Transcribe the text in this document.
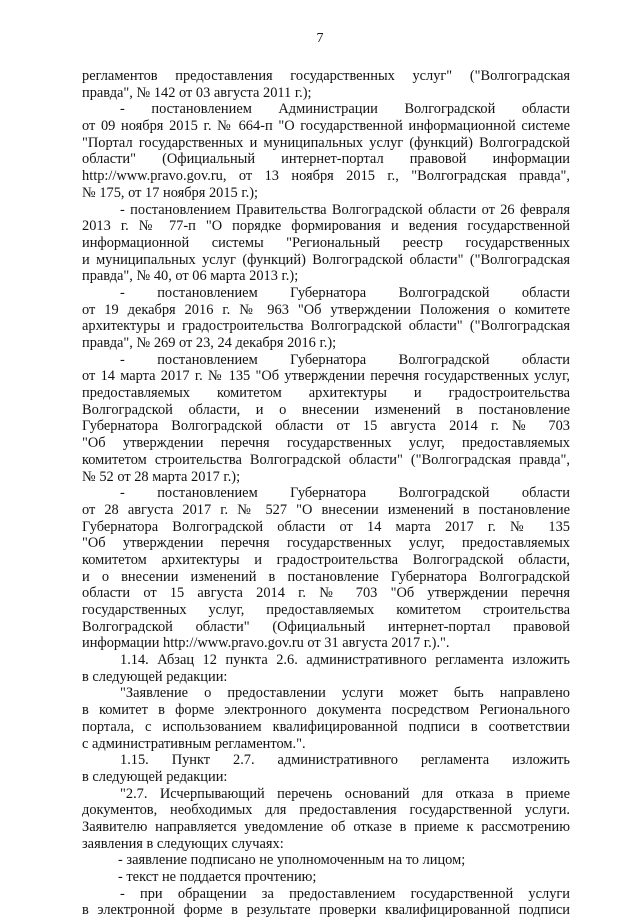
7
регламентов предоставления государственных услуг" ("Волгоградская
правда", № 142 от 03 августа 2011 г.);
- постановлением Администрации Волгоградской области
от 09 ноября 2015 г. № 664-п "О государственной информационной системе
"Портал государственных и муниципальных услуг (функций) Волгоградской
области" (Официальный интернет-портал правовой информации
http://www.pravo.gov.ru, от 13 ноября 2015 г., "Волгоградская правда",
№ 175, от 17 ноября 2015 г.);
- постановлением Правительства Волгоградской области от 26 февраля
2013 г. № 77-п "О порядке формирования и ведения государственной
информационной системы "Региональный реестр государственных
и муниципальных услуг (функций) Волгоградской области" ("Волгоградская
правда", № 40, от 06 марта 2013 г.);
- постановлением Губернатора Волгоградской области
от 19 декабря 2016 г. № 963 "Об утверждении Положения о комитете
архитектуры и градостроительства Волгоградской области" ("Волгоградская
правда", № 269 от 23, 24 декабря 2016 г.);
- постановлением Губернатора Волгоградской области
от 14 марта 2017 г. № 135 "Об утверждении перечня государственных услуг,
предоставляемых комитетом архитектуры и градостроительства
Волгоградской области, и о внесении изменений в постановление
Губернатора Волгоградской области от 15 августа 2014 г. № 703
"Об утверждении перечня государственных услуг, предоставляемых
комитетом строительства Волгоградской области" ("Волгоградская правда",
№ 52 от 28 марта 2017 г.);
- постановлением Губернатора Волгоградской области
от 28 августа 2017 г. № 527 "О внесении изменений в постановление
Губернатора Волгоградской области от 14 марта 2017 г. № 135
"Об утверждении перечня государственных услуг, предоставляемых
комитетом архитектуры и градостроительства Волгоградской области,
и о внесении изменений в постановление Губернатора Волгоградской
области от 15 августа 2014 г. № 703 "Об утверждении перечня
государственных услуг, предоставляемых комитетом строительства
Волгоградской области" (Официальный интернет-портал правовой
информации http://www.pravo.gov.ru от 31 августа 2017 г.).".
1.14. Абзац 12 пункта 2.6. административного регламента изложить
в следующей редакции:
"Заявление о предоставлении услуги может быть направлено
в комитет в форме электронного документа посредством Регионального
портала, с использованием квалифицированной подписи в соответствии
с административным регламентом.".
1.15. Пункт 2.7. административного регламента изложить
в следующей редакции:
"2.7. Исчерпывающий перечень оснований для отказа в приеме
документов, необходимых для предоставления государственной услуги.
Заявителю направляется уведомление об отказе в приеме к рассмотрению
заявления в следующих случаях:
- заявление подписано не уполномоченным на то лицом;
- текст не поддается прочтению;
- при обращении за предоставлением государственной услуги
в электронной форме в результате проверки квалифицированной подписи
